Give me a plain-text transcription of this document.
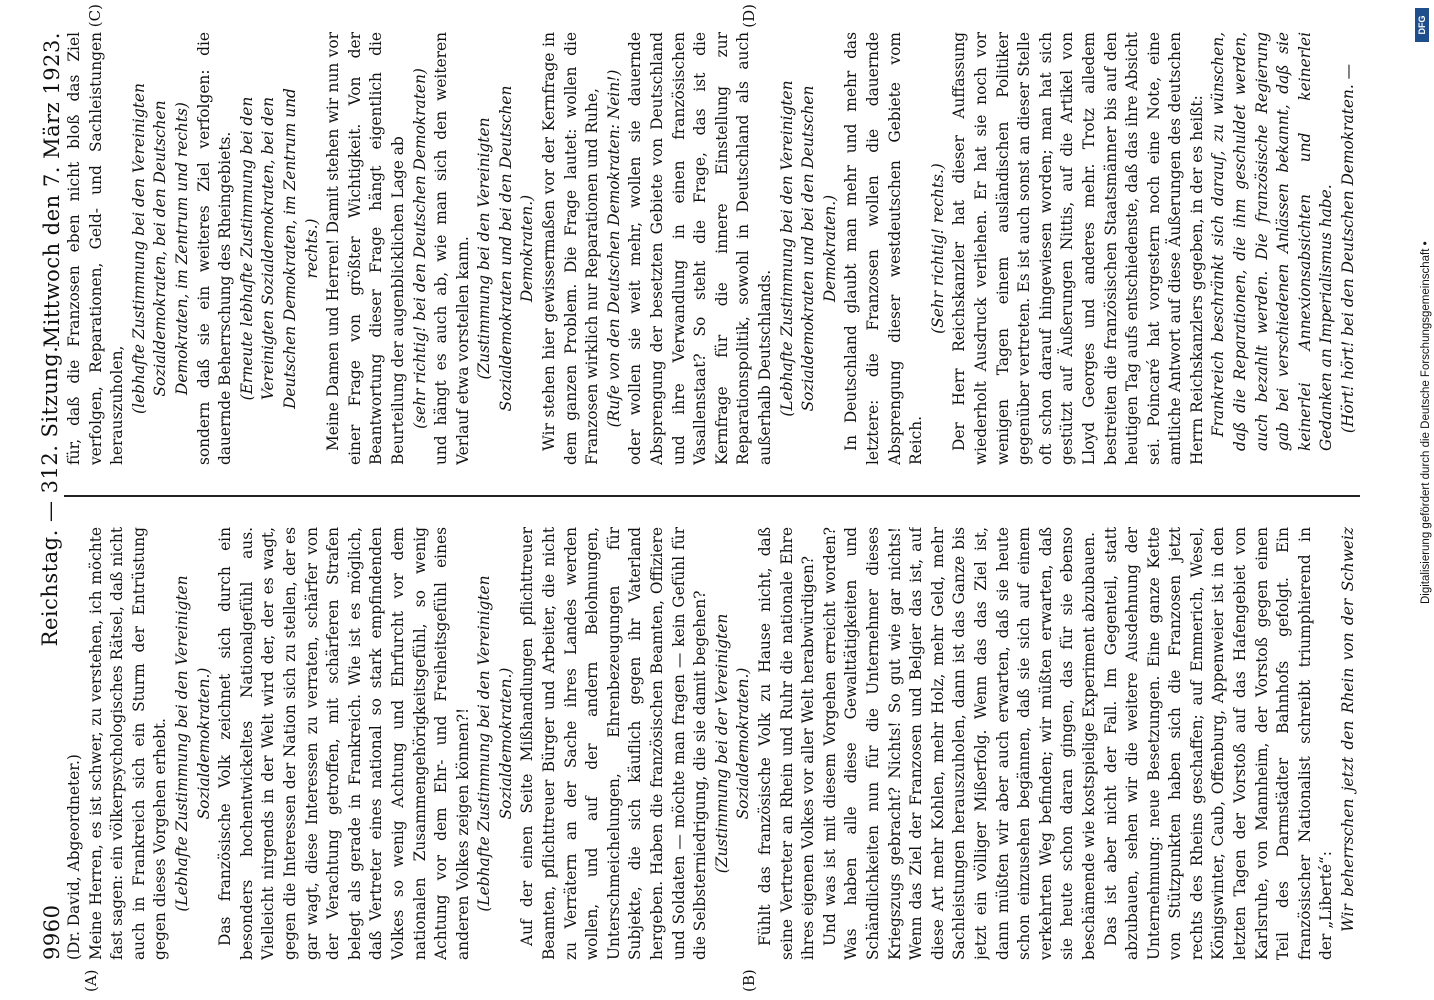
9960
Reichstag. — 312. Sitzung.
Mittwoch den 7. März 1923.
(A)	(B)
(C)	(D)

(Dr. David, Abgeordneter.) Meine Herren, es ist schwer, zu verstehen, ich möchte fast sagen: ein völkerpsychologisches Rätsel, daß nicht auch in Frankreich sich ein Sturm der Entrüstung gegen dieses Vorgehen erhebt. (Lebhafte Zustimmung bei den Vereinigten Sozialdemokraten.) Das französische Volk zeichnet sich durch ein besonders hochentwickeltes Nationalgefühl aus. Vielleicht nirgends in der Welt wird der, der es wagt, gegen die Interessen der Nation sich zu stellen, der es gar wagt, diese Interessen zu verraten, schärfer von der Verachtung getroffen, mit schärferen Strafen belegt als gerade in Frankreich. Wie ist es möglich, daß Vertreter eines national so stark empfindenden Volkes so wenig Achtung und Ehrfurcht vor dem nationalen Zusammengehörigkeitsgefühl, so wenig Achtung vor dem Ehr- und Freiheitsgefühl eines anderen Volkes zeigen können?! (Lebhafte Zustimmung bei den Vereinigten Sozialdemokraten.) Auf der einen Seite Mißhandlungen pflichttreuer Beamten, pflichttreuer Bürger und Arbeiter, die nicht zu Verrätern an der Sache ihres Landes werden wollen, und auf der andern Belohnungen, Unterschmeichelungen, Ehrenbezeugungen für Subjekte, die sich käuflich gegen ihr Vaterland hergeben. Haben die französischen Beamten, Offiziere und Soldaten — möchte man fragen — kein Gefühl für die Selbsterniedrigung, die sie damit begehen? (Zustimmung bei der Vereinigten Sozialdemokraten.) Fühlt das französische Volk zu Hause nicht, daß seine Vertreter an Rhein und Ruhr die nationale Ehre ihres eigenen Volkes vor aller Welt herabwürdigen? Und was ist mit diesem Vorgehen erreicht worden? Was haben alle diese Gewalttätigkeiten und Schändlichkeiten nun für die Unternehmer dieses Kriegszugs gebracht? Nichts! So gut wie gar nichts! Wenn das Ziel der Franzosen und Belgier das ist, auf diese Art mehr Kohlen, mehr Holz, mehr Geld, mehr Sachleistungen herauszuholen, dann ist das Ganze bis jetzt ein völliger Mißerfolg. Wenn das das Ziel ist, dann müßten wir aber auch erwarten, daß sie heute schon einzusehen begännen, daß sie sich auf einem verkehrten Weg befinden; wir müßten erwarten, daß sie heute schon daran gingen, das für sie ebenso beschämende wie kostspielige Experiment abzubauen. Das ist aber nicht der Fall. Im Gegenteil, statt abzubauen, sehen wir die weitere Ausdehnung der Unternehmung: neue Besetzungen. Eine ganze Kette von Stützpunkten haben sich die Franzosen jetzt rechts des Rheins geschaffen; auf Emmerich, Wesel, Königswinter, Caub, Offenburg, Appenweier ist in den letzten Tagen der Vorstoß auf das Hafengebiet von Karlsruhe, von Mannheim, der Vorstoß gegen einen Teil des Darmstädter Bahnhofs gefolgt. Ein französischer Nationalist schreibt triumphierend in der „Liberté“: Wir beherrschen jetzt den Rhein von der Schweiz

für, daß die Franzosen eben nicht bloß das Ziel verfolgen, Reparationen, Geld- und Sachleistungen herauszuholen, (lebhafte Zustimmung bei den Vereinigten Sozialdemokraten, bei den Deutschen Demokraten, im Zentrum und rechts) sondern daß sie ein weiteres Ziel verfolgen: die dauernde Beherrschung des Rheingebiets. (Erneute lebhafte Zustimmung bei den Vereinigten Sozialdemokraten, bei den Deutschen Demokraten, im Zentrum und rechts.) Meine Damen und Herren! Damit stehen wir nun vor einer Frage von größter Wichtigkeit. Von der Beantwortung dieser Frage hängt eigentlich die Beurteilung der augenblicklichen Lage ab (sehr richtig! bei den Deutschen Demokraten) und hängt es auch ab, wie man sich den weiteren Verlauf etwa vorstellen kann. (Zustimmung bei den Vereinigten Sozialdemokraten und bei den Deutschen Demokraten.) Wir stehen hier gewissermaßen vor der Kernfrage in dem ganzen Problem. Die Frage lautet: wollen die Franzosen wirklich nur Reparationen und Ruhe, (Rufe von den Deutschen Demokraten: Nein!) oder wollen sie weit mehr, wollen sie dauernde Absprengung der besetzten Gebiete von Deutschland und ihre Verwandlung in einen französischen Vasallenstaat? So steht die Frage, das ist die Kernfrage für die innere Einstellung zur Reparationspolitik, sowohl in Deutschland als auch außerhalb Deutschlands. (Lebhafte Zustimmung bei den Vereinigten Sozialdemokraten und bei den Deutschen Demokraten.) In Deutschland glaubt man mehr und mehr das letztere: die Franzosen wollen die dauernde Absprengung dieser westdeutschen Gebiete vom Reich.

(Sehr richtig! rechts.) Der Herr Reichskanzler hat dieser Auffassung wiederholt Ausdruck verliehen. Er hat sie noch vor wenigen Tagen einem ausländischen Politiker gegenüber vertreten. Es ist auch sonst an dieser Stelle oft schon darauf hingewiesen worden; man hat sich gestützt auf Äußerungen Nittis, auf die Artikel von Lloyd Georges und anderes mehr. Trotz alledem bestreiten die französischen Staatsmänner bis auf den heutigen Tag aufs entschiedenste, daß das ihre Absicht sei. Poincaré hat vorgestern noch eine Note, eine amtliche Antwort auf diese Äußerungen des deutschen Herrn Reichskanzlers gegeben, in der es heißt: Frankreich beschränkt sich darauf, zu wünschen, daß die Reparationen, die ihm geschuldet werden, auch bezahlt werden. Die französische Regierung gab bei verschiedenen Anlässen bekannt, daß sie keinerlei Annexionsabsichten und keinerlei Gedanken an Imperialismus habe. (Hört! hört! bei den Deutschen Demokraten. —

Digitalisierung gefördert durch die Deutsche Forschungsgemeinschaft •
DFG
